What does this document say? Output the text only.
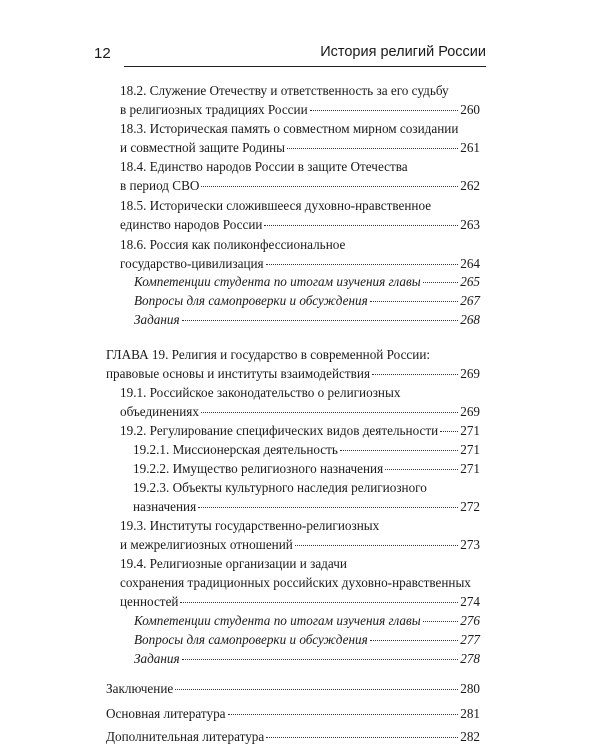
12	История религий России
18.2. Служение Отечеству и ответственность за его судьбу
в религиозных традициях России	260
18.3. Историческая память о совместном мирном созидании
и совместной защите Родины	261
18.4. Единство народов России в защите Отечества
в период СВО	262
18.5. Исторически сложившееся духовно-нравственное
единство народов России	263
18.6. Россия как поликонфессиональное
государство-цивилизация	264
Компетенции студента по итогам изучения главы	265
Вопросы для самопроверки и обсуждения	267
Задания	268
ГЛАВА 19. Религия и государство в современной России:
правовые основы и институты взаимодействия	269
19.1. Российское законодательство о религиозных
объединениях	269
19.2. Регулирование специфических видов деятельности 271
19.2.1. Миссионерская деятельность	271
19.2.2. Имущество религиозного назначения	271
19.2.3. Объекты культурного наследия религиозного
назначения	272
19.3. Институты государственно-религиозных
и межрелигиозных отношений	273
19.4. Религиозные организации и задачи
сохранения традиционных российских духовно-нравственных
ценностей	274
Компетенции студента по итогам изучения главы	276
Вопросы для самопроверки и обсуждения	277
Задания	278
Заключение	280
Основная литература	281
Дополнительная литература	282
